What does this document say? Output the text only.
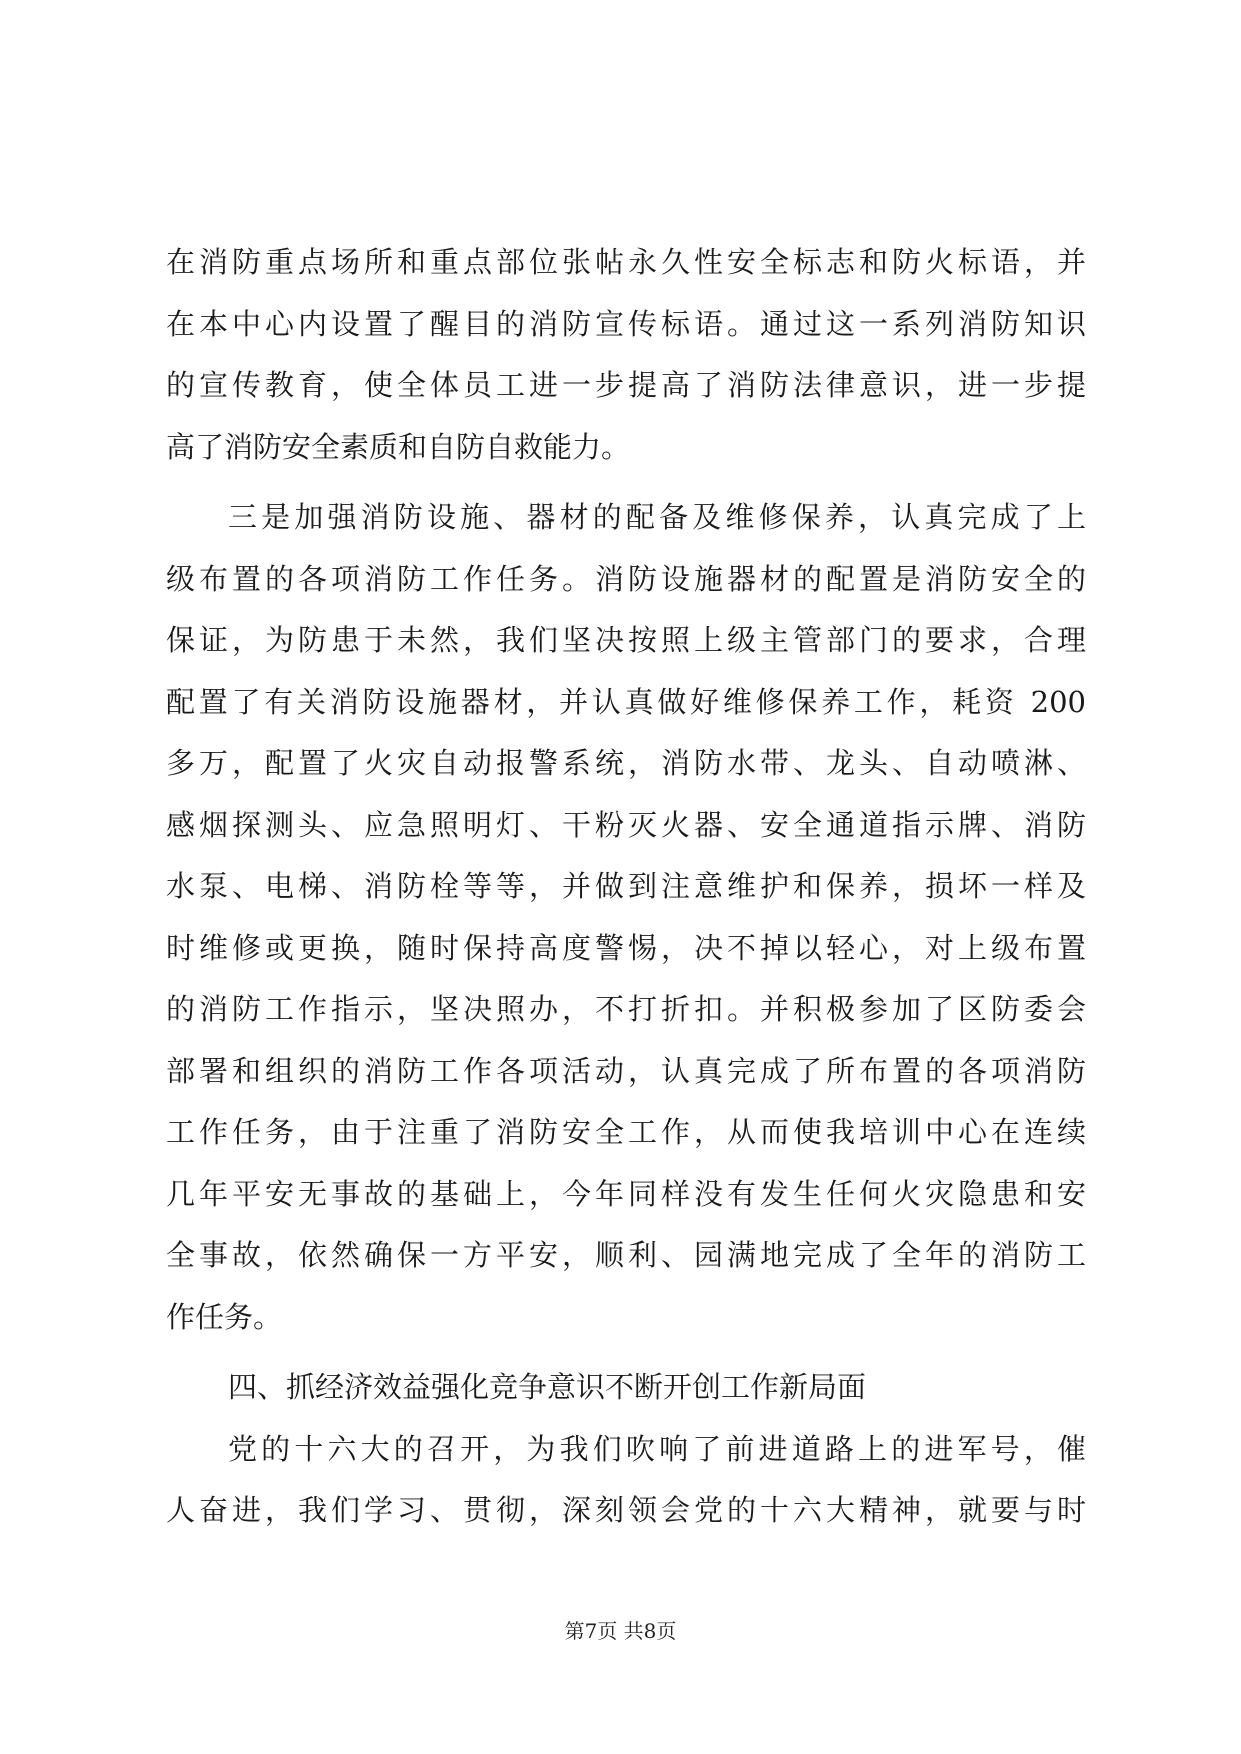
在消防重点场所和重点部位张帖永久性安全标志和防火标语，并
在本中心内设置了醒目的消防宣传标语。通过这一系列消防知识
的宣传教育，使全体员工进一步提高了消防法律意识，进一步提
高了消防安全素质和自防自救能力。
三是加强消防设施、器材的配备及维修保养，认真完成了上
级布置的各项消防工作任务。消防设施器材的配置是消防安全的
保证，为防患于未然，我们坚决按照上级主管部门的要求，合理
配置了有关消防设施器材，并认真做好维修保养工作，耗资 200
多万，配置了火灾自动报警系统，消防水带、龙头、自动喷淋、
感烟探测头、应急照明灯、干粉灭火器、安全通道指示牌、消防
水泵、电梯、消防栓等等，并做到注意维护和保养，损坏一样及
时维修或更换，随时保持高度警惕，决不掉以轻心，对上级布置
的消防工作指示，坚决照办，不打折扣。并积极参加了区防委会
部署和组织的消防工作各项活动，认真完成了所布置的各项消防
工作任务，由于注重了消防安全工作，从而使我培训中心在连续
几年平安无事故的基础上，今年同样没有发生任何火灾隐患和安
全事故，依然确保一方平安，顺利、园满地完成了全年的消防工
作任务。
四、抓经济效益强化竞争意识不断开创工作新局面
党的十六大的召开，为我们吹响了前进道路上的进军号，催
人奋进，我们学习、贯彻，深刻领会党的十六大精神，就要与时
第7页 共8页
